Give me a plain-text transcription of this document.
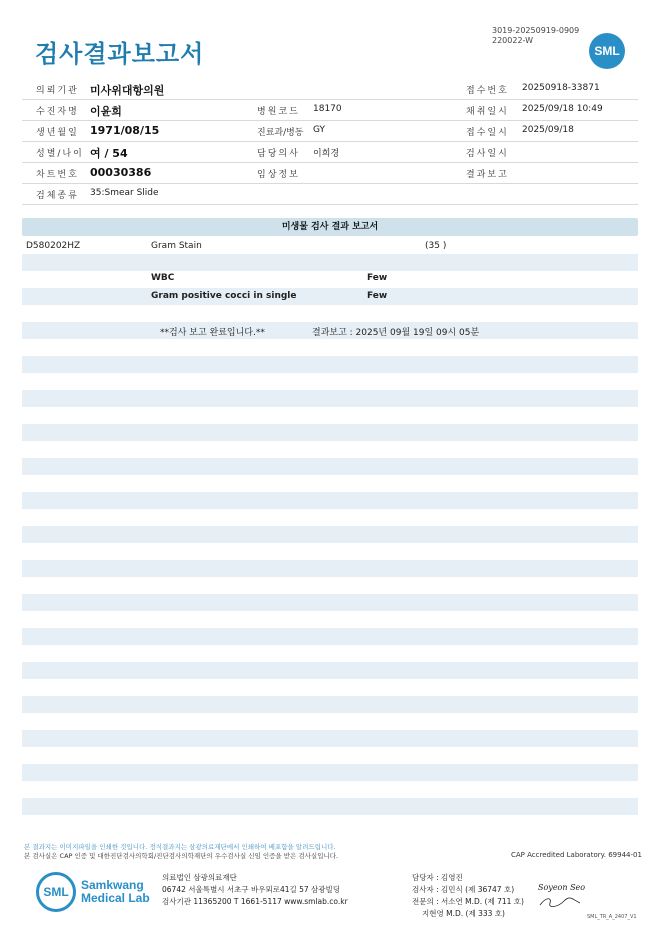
검사결과보고서
3019-20250919-0909
220022-W
SML
의뢰기관 미사위대항의원	접수번호 20250918-33871
수진자명 이윤희	병원코드 18170	채취일시 2025/09/18 10:49
생년월일 1971/08/15	진료과/병동 GY	접수일시 2025/09/18
성별/나이 여 / 54	담당의사 이희경	검사일시
차트번호 00030386	임상정보	결과보고
검체종류 35:Smear Slide
미생물 검사 결과 보고서
D580202HZ	Gram Stain	(35 )
WBC	Few
Gram positive cocci in single	Few
**검사 보고 완료입니다.**	결과보고 : 2025년 09월 19일 09시 05분
본 결과지는 이미지파일을 인쇄한 것입니다. 정식결과지는 삼광의료재단에서 인쇄하여 배포함을 알려드립니다.
본 검사실은 CAP 인증 및 대한진단검사의학회/진단검사의학재단의 우수검사실 신임 인증을 받은 검사실입니다.	CAP Accredited Laboratory. 69944-01
SML	Samkwang
Medical Lab
의료법인 삼광의료재단
06742 서울특별시 서초구 바우뫼로41길 57 삼광빌딩
검사기관 11365200 T 1661-5117 www.smlab.co.kr
담당자 : 김영진
검사자 : 김민식 (제 36747 호)
전문의 : 서소연 M.D. (제 711 호)
지현영 M.D. (제 333 호)
Soyeon Seo
SML_TR_A_2407_V1
